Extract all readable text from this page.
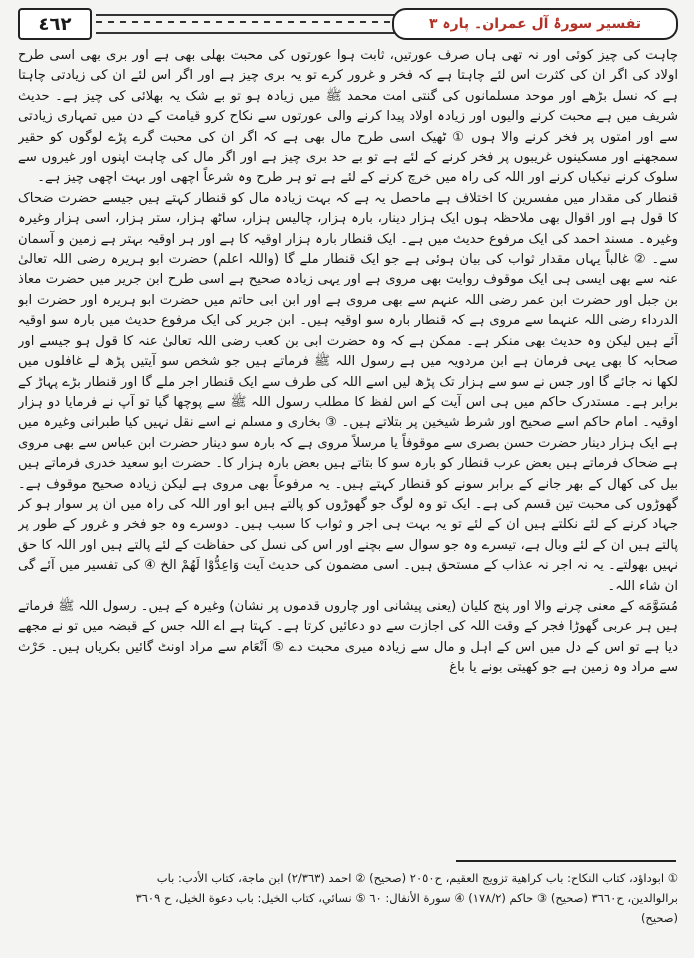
٤٦٢	تفسیر سورۂ آل عمران۔ پارہ ۳

چاہت کی چیز کوئی اور نہ تھی ہاں صرف عورتیں، ثابت ہوا عورتوں کی محبت بھلی بھی ہے اور بری بھی اسی طرح اولاد کی اگر ان کی کثرت اس لئے چاہتا ہے کہ فخر و غرور کرے تو یہ بری چیز ہے اور اگر اس لئے ان کی زیادتی چاہتا ہے کہ نسل بڑھے اور موحد مسلمانوں کی گنتی امت محمد ﷺ میں زیادہ ہو تو بے شک یہ بھلائی کی چیز ہے۔ حدیث شریف میں ہے محبت کرنے والیوں اور زیادہ اولاد پیدا کرنے والی عورتوں سے نکاح کرو قیامت کے دن میں تمہاری زیادتی سے اور امتوں پر فخر کرنے والا ہوں ① ٹھیک اسی طرح مال بھی ہے کہ اگر ان کی محبت گرے پڑے لوگوں کو حقیر سمجھنے اور مسکینوں غریبوں پر فخر کرنے کے لئے ہے تو بے حد بری چیز ہے اور اگر مال کی چاہت اپنوں اور غیروں سے سلوک کرنے نیکیاں کرنے اور اللہ کی راہ میں خرچ کرنے کے لئے ہے تو ہر طرح وہ شرعاً اچھی اور بہت اچھی چیز ہے۔

قنطار کی مقدار میں مفسرین کا اختلاف ہے ماحصل یہ ہے کہ بہت زیادہ مال کو قنطار کہتے ہیں جیسے حضرت ضحاک کا قول ہے اور اقوال بھی ملاحظہ ہوں ایک ہزار دینار، بارہ ہزار، چالیس ہزار، ساٹھ ہزار، ستر ہزار، اسی ہزار وغیرہ وغیرہ۔ مسند احمد کی ایک مرفوع حدیث میں ہے۔ ایک قنطار بارہ ہزار اوقیہ کا ہے اور ہر اوقیہ بہتر ہے زمین و آسمان سے۔ ② غالباً یہاں مقدار ثواب کی بیان ہوئی ہے جو ایک قنطار ملے گا (واللہ اعلم) حضرت ابو ہریرہ رضی اللہ تعالیٰ عنہ سے بھی ایسی ہی ایک موقوف روایت بھی مروی ہے اور یہی زیادہ صحیح ہے اسی طرح ابن جریر میں حضرت معاذ بن جبل اور حضرت ابن عمر رضی اللہ عنہم سے بھی مروی ہے اور ابن ابی حاتم میں حضرت ابو ہریرہ اور حضرت ابو الدرداء رضی اللہ عنہما سے مروی ہے کہ قنطار بارہ سو اوقیہ ہیں۔ ابن جریر کی ایک مرفوع حدیث میں بارہ سو اوقیہ آئے ہیں لیکن وہ حدیث بھی منکر ہے۔ ممکن ہے کہ وہ حضرت ابی بن کعب رضی اللہ تعالیٰ عنہ کا قول ہو جیسے اور صحابہ کا بھی یہی فرمان ہے ابن مردویہ میں ہے رسول اللہ ﷺ فرماتے ہیں جو شخص سو آیتیں پڑھ لے غافلوں میں لکھا نہ جائے گا اور جس نے سو سے ہزار تک پڑھ لیں اسے اللہ کی طرف سے ایک قنطار اجر ملے گا اور قنطار بڑے پہاڑ کے برابر ہے۔ مستدرک حاکم میں ہی اس آیت کے اس لفظ کا مطلب رسول اللہ ﷺ سے پوچھا گیا تو آپ نے فرمایا دو ہزار اوقیہ۔ امام حاکم اسے صحیح اور شرط شیخین پر بتلاتے ہیں۔ ③ بخاری و مسلم نے اسے نقل نہیں کیا طبرانی وغیرہ میں ہے ایک ہزار دینار حضرت حسن بصری سے موقوفاً یا مرسلاً مروی ہے کہ بارہ سو دینار حضرت ابن عباس سے بھی مروی ہے ضحاک فرماتے ہیں بعض عرب قنطار کو بارہ سو کا بتاتے ہیں بعض بارہ ہزار کا۔ حضرت ابو سعید خدری فرماتے ہیں بیل کی کھال کے بھر جانے کے برابر سونے کو قنطار کہتے ہیں۔ یہ مرفوعاً بھی مروی ہے لیکن زیادہ صحیح موقوف ہے۔ گھوڑوں کی محبت تین قسم کی ہے۔ ایک تو وہ لوگ جو گھوڑوں کو پالتے ہیں ابو اور اللہ کی راہ میں ان پر سوار ہو کر جہاد کرنے کے لئے نکلتے ہیں ان کے لئے تو یہ بہت ہی اجر و ثواب کا سبب ہیں۔ دوسرے وہ جو فخر و غرور کے طور پر پالتے ہیں ان کے لئے وبال ہے، تیسرے وہ جو سوال سے بچنے اور اس کی نسل کی حفاظت کے لئے پالتے ہیں اور اللہ کا حق نہیں بھولتے۔ یہ نہ اجر نہ عذاب کے مستحق ہیں۔ اسی مضمون کی حدیث آیت وَاعِدُّوْا لَهُمْ الخ ④ کی تفسیر میں آئے گی ان شاء اللہ۔

مُسَوَّمَه کے معنی چرنے والا اور پنج کلیان (یعنی پیشانی اور چاروں قدموں پر نشان) وغیرہ کے ہیں۔ رسول اللہ ﷺ فرماتے ہیں ہر عربی گھوڑا فجر کے وقت اللہ کی اجازت سے دو دعائیں کرتا ہے۔ کہتا ہے اے اللہ جس کے قبضہ میں تو نے مجھے دیا ہے تو اس کے دل میں اس کے اہل و مال سے زیادہ میری محبت دے ⑤ اَنْعَام سے مراد اونٹ گائیں بکریاں ہیں۔ حَرْث سے مراد وہ زمین ہے جو کھیتی بونے یا باغ

① ابوداؤد، كتاب النكاح: باب كراهية تزويج العقيم، ح٢٠٥٠ (صحيح) ② احمد (٢/٣٦٣) ابن ماجة، كتاب الأدب: باب
برالوالدين، ح٣٦٦٠ (صحيح) ③ حاكم (١٧٨/٢) ④ سورة الأنفال: ٦٠ ⑤ نسائي، كتاب الخيل: باب دعوة الخيل، ح ٣٦٠٩
(صحيح)
